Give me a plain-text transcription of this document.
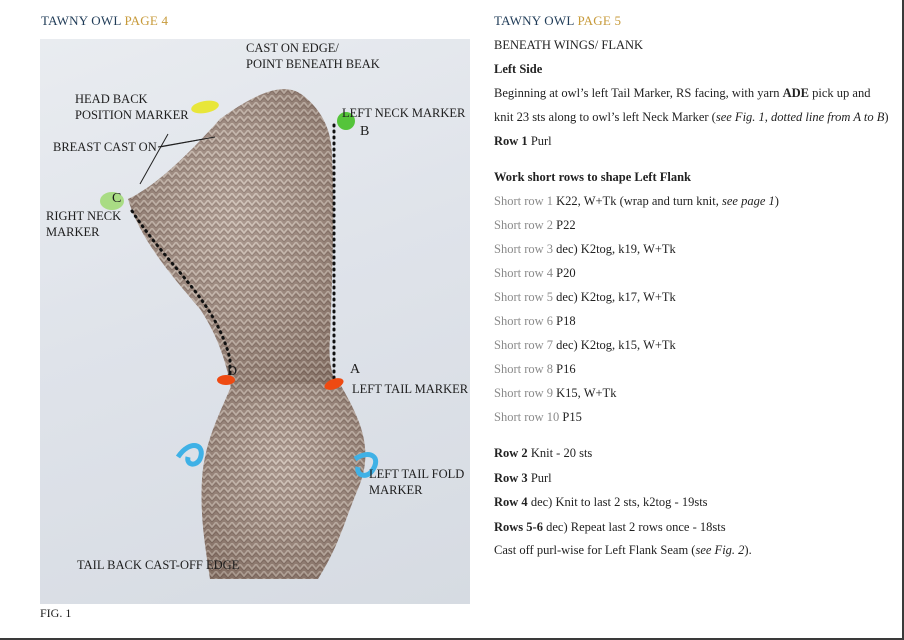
TAWNY OWL PAGE 4	TAWNY OWL PAGE 5
CAST ON EDGE/
POINT BENEATH BEAK
HEAD BACK
POSITION MARKER	LEFT NECK MARKER
BREAST CAST ON
RIGHT NECK
MARKER
LEFT TAIL MARKER
LEFT TAIL FOLD
MARKER
TAIL BACK CAST-OFF EDGE
B
C
D	A
FIG. 1
BENEATH WINGS/ FLANK
Left Side
Beginning at owl’s left Tail Marker, RS facing, with yarn ADE pick up and
knit 23 sts along to owl’s left Neck Marker (see Fig. 1, dotted line from A to B)
Row 1 Purl
Work short rows to shape Left Flank
Short row 1 K22, W+Tk (wrap and turn knit, see page 1)
Short row 2 P22
Short row 3 dec) K2tog, k19, W+Tk
Short row 4 P20
Short row 5 dec) K2tog, k17, W+Tk
Short row 6 P18
Short row 7 dec) K2tog, k15, W+Tk
Short row 8 P16
Short row 9 K15, W+Tk
Short row 10 P15
Row 2 Knit - 20 sts
Row 3 Purl
Row 4 dec) Knit to last 2 sts, k2tog - 19sts
Rows 5-6 dec) Repeat last 2 rows once - 18sts
Cast off purl-wise for Left Flank Seam (see Fig. 2).
